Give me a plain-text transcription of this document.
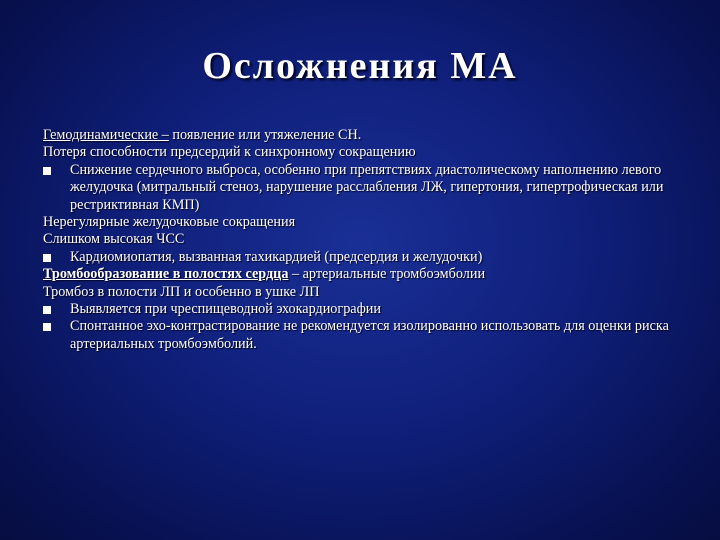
Осложнения МА
Гемодинамические – появление или утяжеление СН.
Потеря способности предсердий к синхронному сокращению
Снижение сердечного выброса, особенно при препятствиях диастолическому наполнению левого желудочка (митральный стеноз, нарушение расслабления ЛЖ, гипертония, гипертрофическая или рестриктивная КМП)
Нерегулярные желудочковые сокращения
Слишком высокая ЧСС
Кардиомиопатия, вызванная тахикардией (предсердия и желудочки)
Тромбообразование в полостях сердца – артериальные тромбоэмболии
Тромбоз в полости ЛП и особенно в ушке ЛП
Выявляется при чреспищеводной эхокардиографии
Спонтанное эхо-контрастирование не рекомендуется изолированно использовать для оценки риска артериальных тромбоэмболий.
